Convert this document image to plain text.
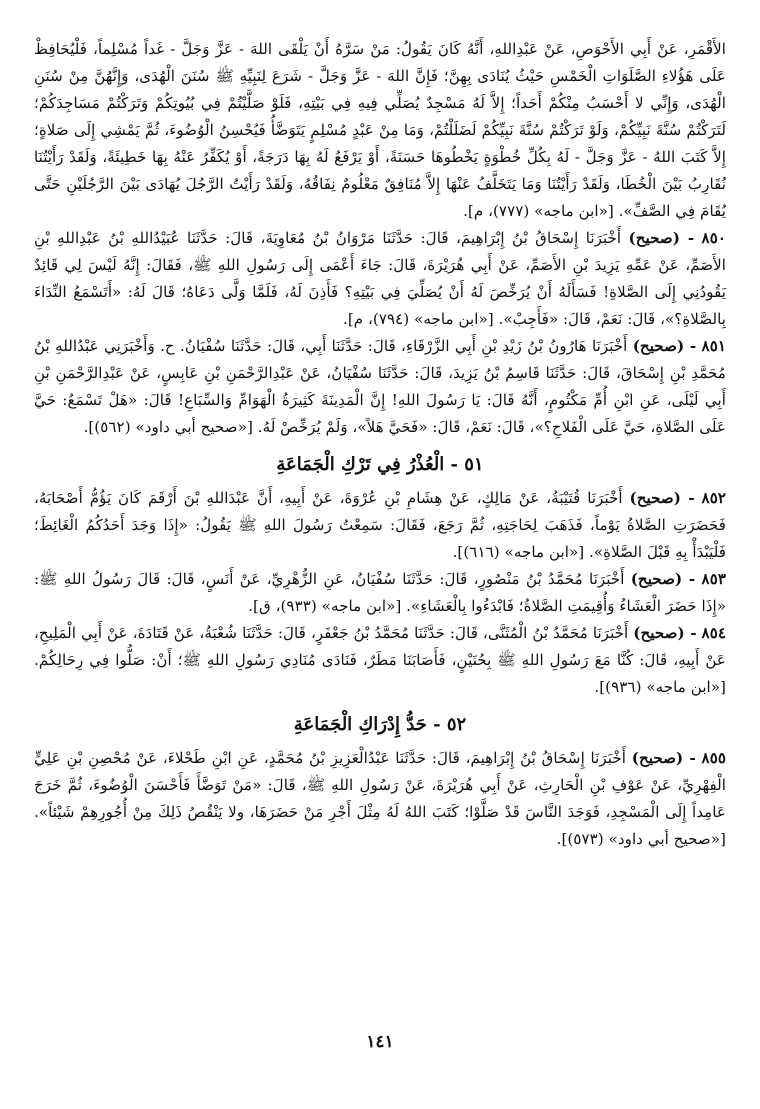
الأَقْمَرِ، عَنْ أَبِي الأَحْوَصِ، عَنْ عَبْدِاللهِ، أَنَّهُ كَانَ يَقُولُ: مَنْ سَرَّهُ أَنْ يَلْقَى اللهَ - عَزَّ وَجَلَّ - غَداً مُسْلِماً، فَلْيُحَافِظْ عَلَى هَؤُلاءِ الصَّلَوَاتِ الْخَمْسِ حَيْثُ يُنَادَى بِهِنَّ؛ فَإِنَّ اللهَ - عَزَّ وَجَلَّ - شَرَعَ لِنَبِيِّهِ ﷺ سُنَنَ الْهُدَى، وَإِنَّهُنَّ مِنْ سُنَنِ الْهُدَى، وَإِنِّي لا أَحْسَبُ مِنْكُمْ أَحَداً؛ إِلاَّ لَهُ مَسْجِدٌ يُصَلِّي فِيهِ فِي بَيْتِهِ، فَلَوْ صَلَّيْتُمْ فِي بُيُوتِكُمْ وَتَرَكْتُمْ مَسَاجِدَكُمْ؛ لَتَرَكْتُمْ سُنَّةَ نَبِيِّكُمْ، وَلَوْ تَرَكْتُمْ سُنَّةَ نَبِيِّكُمْ لَضَلَلْتُمْ، وَمَا مِنْ عَبْدٍ مُسْلِمٍ يَتَوَضَّأُ فَيُحْسِنُ الْوُضُوءَ، ثُمَّ يَمْشِي إِلَى صَلاةٍ؛ إِلاَّ كَتَبَ اللهُ - عَزَّ وَجَلَّ - لَهُ بِكُلِّ خُطْوَةٍ يَخْطُوهَا حَسَنَةً، أَوْ يَرْفَعُ لَهُ بِهَا دَرَجَةً، أَوْ يُكَفِّرُ عَنْهُ بِهَا خَطِيئَةً، وَلَقَدْ رَأَيْتُنَا نُقَارِبُ بَيْنَ الْخُطَا، وَلَقَدْ رَأَيْتُنَا وَمَا يَتَخَلَّفُ عَنْهَا إِلاَّ مُنَافِقٌ مَعْلُومٌ نِفَاقُهُ، وَلَقَدْ رَأَيْتُ الرَّجُلَ يُهَادَى بَيْنَ الرَّجُلَيْنِ حَتَّى يُقَامَ فِي الصَّفِّ». [«ابن ماجه» (٧٧٧)، م].

٨٥٠ - (صحيح) أَخْبَرَنَا إِسْحَاقُ بْنُ إِبْرَاهِيمَ، قَالَ: حَدَّثَنَا مَرْوَانُ بْنُ مُعَاوِيَةَ، قَالَ: حَدَّثَنَا عُبَيْدُاللهِ بْنُ عَبْدِاللهِ بْنِ الأَصَمِّ، عَنْ عَمِّهِ يَزِيدَ بْنِ الأَصَمِّ، عَنْ أَبِي هُرَيْرَةَ، قَالَ: جَاءَ أَعْمَى إِلَى رَسُولِ اللهِ ﷺ، فَقَالَ: إِنَّهُ لَيْسَ لِي قَائِدٌ يَقُودُنِي إِلَى الصَّلاةِ! فَسَأَلَهُ أَنْ يُرَخِّصَ لَهُ أَنْ يُصَلِّيَ فِي بَيْتِهِ؟ فَأَذِنَ لَهُ، فَلَمَّا وَلَّى دَعَاهُ؛ قَالَ لَهُ: «أَتَسْمَعُ النِّدَاءَ بِالصَّلاةِ؟»، قَالَ: نَعَمْ، قَالَ: «فَأَجِبْ». [«ابن ماجه» (٧٩٤)، م].

٨٥١ - (صحيح) أَخْبَرَنَا هَارُونُ بْنُ زَيْدِ بْنِ أَبِي الزَّرْقَاءِ، قَالَ: حَدَّثَنَا أَبِي، قَالَ: حَدَّثَنَا سُفْيَانُ. ح. وَأَخْبَرَنِي عَبْدُاللهِ بْنُ مُحَمَّدِ بْنِ إِسْحَاقَ، قَالَ: حَدَّثَنَا قَاسِمُ بْنُ يَزِيدَ، قَالَ: حَدَّثَنَا سُفْيَانُ، عَنْ عَبْدِالرَّحْمَنِ بْنِ عَابِسٍ، عَنْ عَبْدِالرَّحْمَنِ بْنِ أَبِي لَيْلَى، عَنِ ابْنِ أُمِّ مَكْتُومٍ، أَنَّهُ قَالَ: يَا رَسُولَ اللهِ! إِنَّ الْمَدِينَةَ كَثِيرَةُ الْهَوَامِّ وَالسِّبَاعِ! قَالَ: «هَلْ تَسْمَعُ: حَيَّ عَلَى الصَّلاةِ، حَيَّ عَلَى الْفَلاحِ؟»، قَالَ: نَعَمْ، قَالَ: «فَحَيَّ هَلاً»، وَلَمْ يُرَخِّصْ لَهُ. [«صحيح أبي داود» (٥٦٢)].

٥١ - الْعُذْرُ فِي تَرْكِ الْجَمَاعَةِ

٨٥٢ - (صحيح) أَخْبَرَنَا قُتَيْبَةُ، عَنْ مَالِكٍ، عَنْ هِشَامِ بْنِ عُرْوَةَ، عَنْ أَبِيهِ، أَنَّ عَبْدَاللهِ بْنَ أَرْقَمَ كَانَ يَؤُمُّ أَصْحَابَهُ، فَحَضَرَتِ الصَّلاةُ يَوْماً، فَذَهَبَ لِحَاجَتِهِ، ثُمَّ رَجَعَ، فَقَالَ: سَمِعْتُ رَسُولَ اللهِ ﷺ يَقُولُ: «إِذَا وَجَدَ أَحَدُكُمُ الْغَائِطَ؛ فَلْيَبْدَأْ بِهِ قَبْلَ الصَّلاةِ». [«ابن ماجه» (٦١٦)].

٨٥٣ - (صحيح) أَخْبَرَنَا مُحَمَّدُ بْنُ مَنْصُورٍ، قَالَ: حَدَّثَنَا سُفْيَانُ، عَنِ الزُّهْرِيِّ، عَنْ أَنَسٍ، قَالَ: قَالَ رَسُولُ اللهِ ﷺ: «إِذَا حَضَرَ الْعَشَاءُ وَأُقِيمَتِ الصَّلاةُ؛ فَابْدَءُوا بِالْعَشَاءِ». [«ابن ماجه» (٩٣٣)، ق].

٨٥٤ - (صحيح) أَخْبَرَنَا مُحَمَّدُ بْنُ الْمُثَنَّى، قَالَ: حَدَّثَنَا مُحَمَّدُ بْنُ جَعْفَرٍ، قَالَ: حَدَّثَنَا شُعْبَةُ، عَنْ قَتَادَةَ، عَنْ أَبِي الْمَلِيحِ، عَنْ أَبِيهِ، قَالَ: كُنَّا مَعَ رَسُولِ اللهِ ﷺ بِحُنَيْنٍ، فَأَصَابَنَا مَطَرٌ، فَنَادَى مُنَادِي رَسُولِ اللهِ ﷺ؛ أَنْ: صَلُّوا فِي رِحَالِكُمْ. [«ابن ماجه» (٩٣٦)].

٥٢ - حَدُّ إِدْرَاكِ الْجَمَاعَةِ

٨٥٥ - (صحيح) أَخْبَرَنَا إِسْحَاقُ بْنُ إِبْرَاهِيمَ، قَالَ: حَدَّثَنَا عَبْدُالْعَزِيزِ بْنُ مُحَمَّدٍ، عَنِ ابْنِ طَحْلاءَ، عَنْ مُحْصِنِ بْنِ عَلِيٍّ الْفِهْرِيِّ، عَنْ عَوْفِ بْنِ الْحَارِثِ، عَنْ أَبِي هُرَيْرَةَ، عَنْ رَسُولِ اللهِ ﷺ، قَالَ: «مَنْ تَوَضَّأَ فَأَحْسَنَ الْوُضُوءَ، ثُمَّ خَرَجَ عَامِداً إِلَى الْمَسْجِدِ، فَوَجَدَ النَّاسَ قَدْ صَلَّوْا؛ كَتَبَ اللهُ لَهُ مِثْلَ أَجْرِ مَنْ حَضَرَهَا، ولا يَنْقُصُ ذَلِكَ مِنْ أُجُورِهِمْ شَيْئاً». [«صحيح أبي داود» (٥٧٣)].

١٤١
